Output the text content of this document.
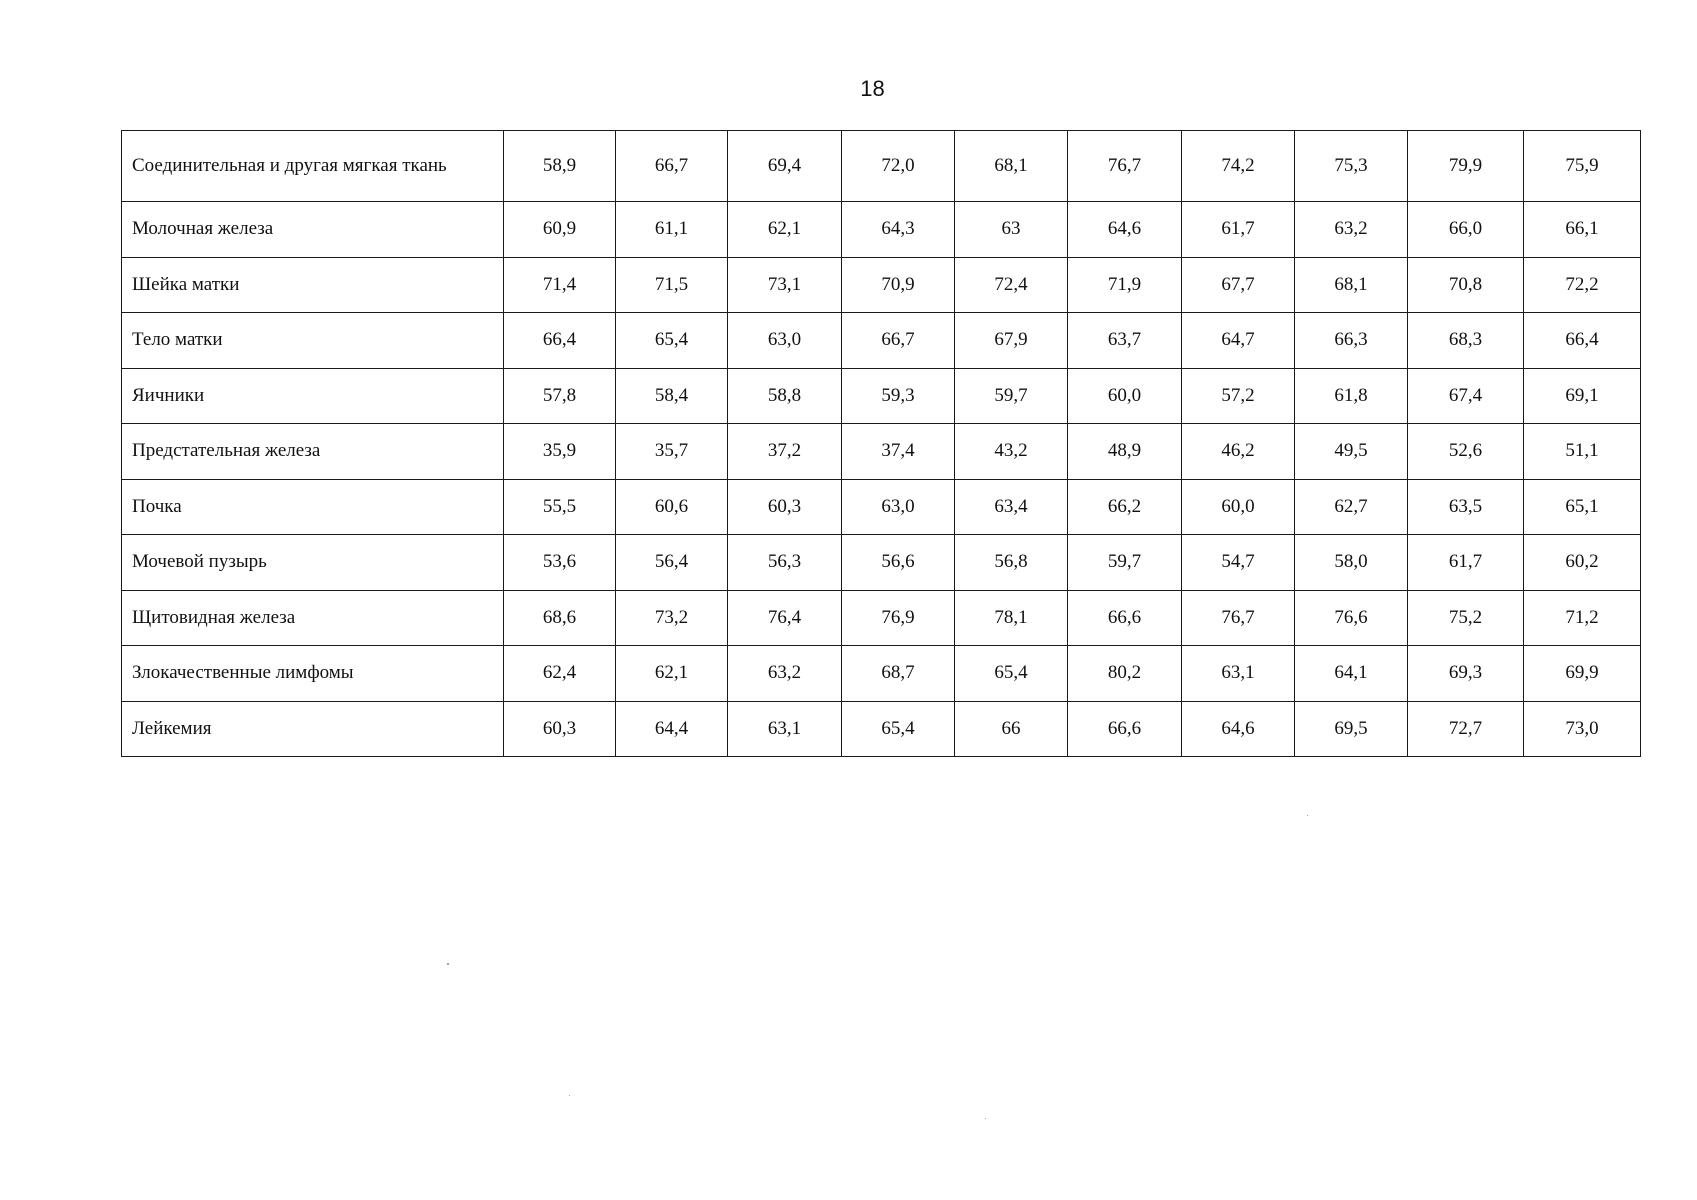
18
Соединительная и другая мягкая ткань	58,9	66,7	69,4	72,0	68,1	76,7	74,2	75,3	79,9	75,9
Молочная железа	60,9	61,1	62,1	64,3	63	64,6	61,7	63,2	66,0	66,1
Шейка матки	71,4	71,5	73,1	70,9	72,4	71,9	67,7	68,1	70,8	72,2
Тело матки	66,4	65,4	63,0	66,7	67,9	63,7	64,7	66,3	68,3	66,4
Яичники	57,8	58,4	58,8	59,3	59,7	60,0	57,2	61,8	67,4	69,1
Предстательная железа	35,9	35,7	37,2	37,4	43,2	48,9	46,2	49,5	52,6	51,1
Почка	55,5	60,6	60,3	63,0	63,4	66,2	60,0	62,7	63,5	65,1
Мочевой пузырь	53,6	56,4	56,3	56,6	56,8	59,7	54,7	58,0	61,7	60,2
Щитовидная железа	68,6	73,2	76,4	76,9	78,1	66,6	76,7	76,6	75,2	71,2
Злокачественные лимфомы	62,4	62,1	63,2	68,7	65,4	80,2	63,1	64,1	69,3	69,9
Лейкемия	60,3	64,4	63,1	65,4	66	66,6	64,6	69,5	72,7	73,0
